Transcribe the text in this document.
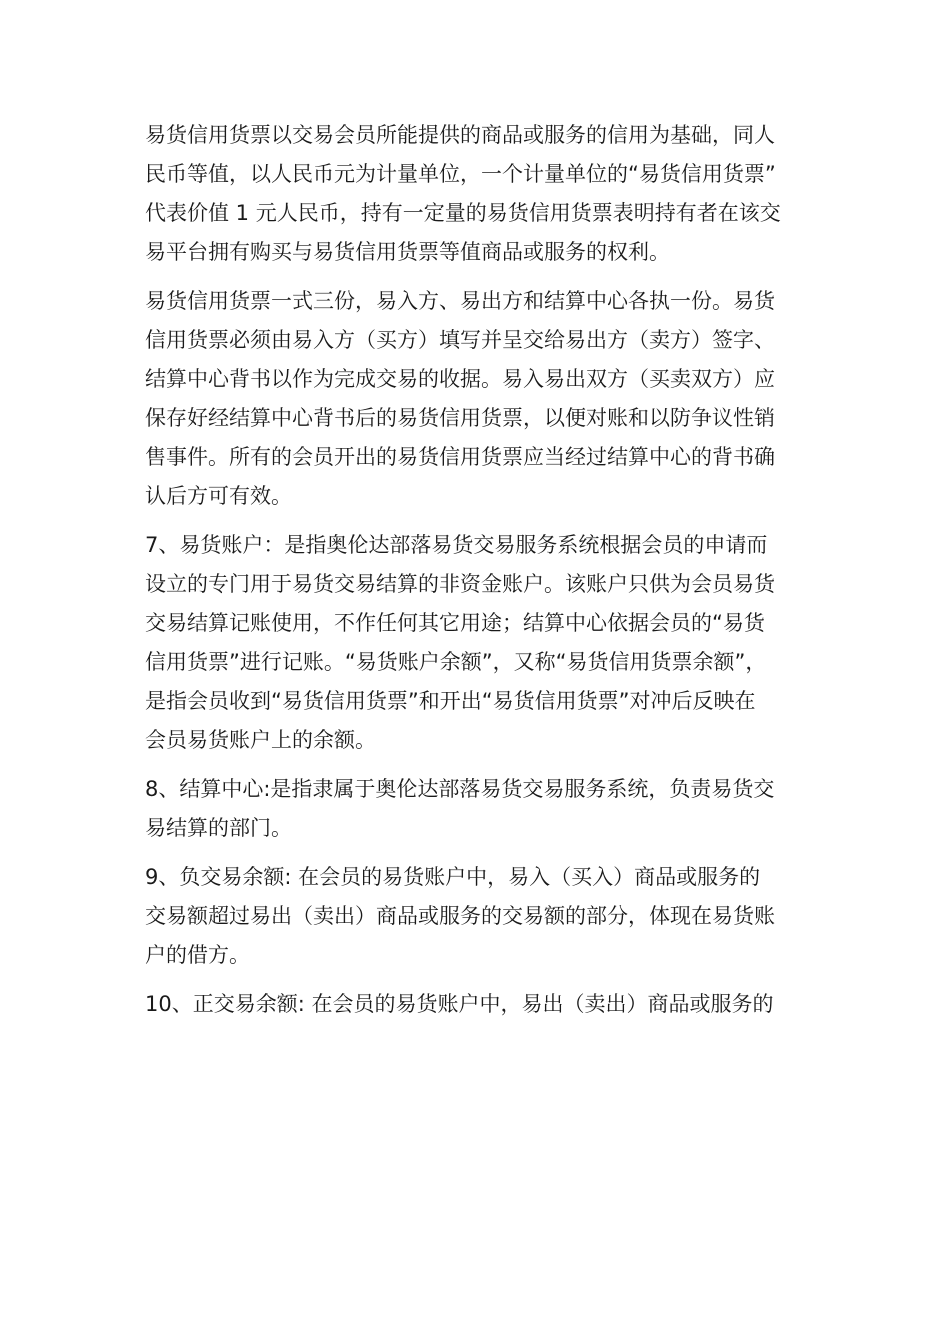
易货信用货票以交易会员所能提供的商品或服务的信用为基础，同人
民币等值，以人民币元为计量单位，一个计量单位的“易货信用货票”
代表价值 1 元人民币，持有一定量的易货信用货票表明持有者在该交
易平台拥有购买与易货信用货票等值商品或服务的权利。
易货信用货票一式三份，易入方、易出方和结算中心各执一份。易货
信用货票必须由易入方（买方）填写并呈交给易出方（卖方）签字、
结算中心背书以作为完成交易的收据。易入易出双方（买卖双方）应
保存好经结算中心背书后的易货信用货票，以便对账和以防争议性销
售事件。所有的会员开出的易货信用货票应当经过结算中心的背书确
认后方可有效。
7、易货账户：是指奥伦达部落易货交易服务系统根据会员的申请而
设立的专门用于易货交易结算的非资金账户。该账户只供为会员易货
交易结算记账使用，不作任何其它用途；结算中心依据会员的“易货
信用货票”进行记账。“易货账户余额”，又称“易货信用货票余额”，
是指会员收到“易货信用货票”和开出“易货信用货票”对冲后反映在
会员易货账户上的余额。
8、结算中心:是指隶属于奥伦达部落易货交易服务系统，负责易货交
易结算的部门。
9、负交易余额: 在会员的易货账户中，易入（买入）商品或服务的
交易额超过易出（卖出）商品或服务的交易额的部分，体现在易货账
户的借方。
10、正交易余额: 在会员的易货账户中，易出（卖出）商品或服务的
